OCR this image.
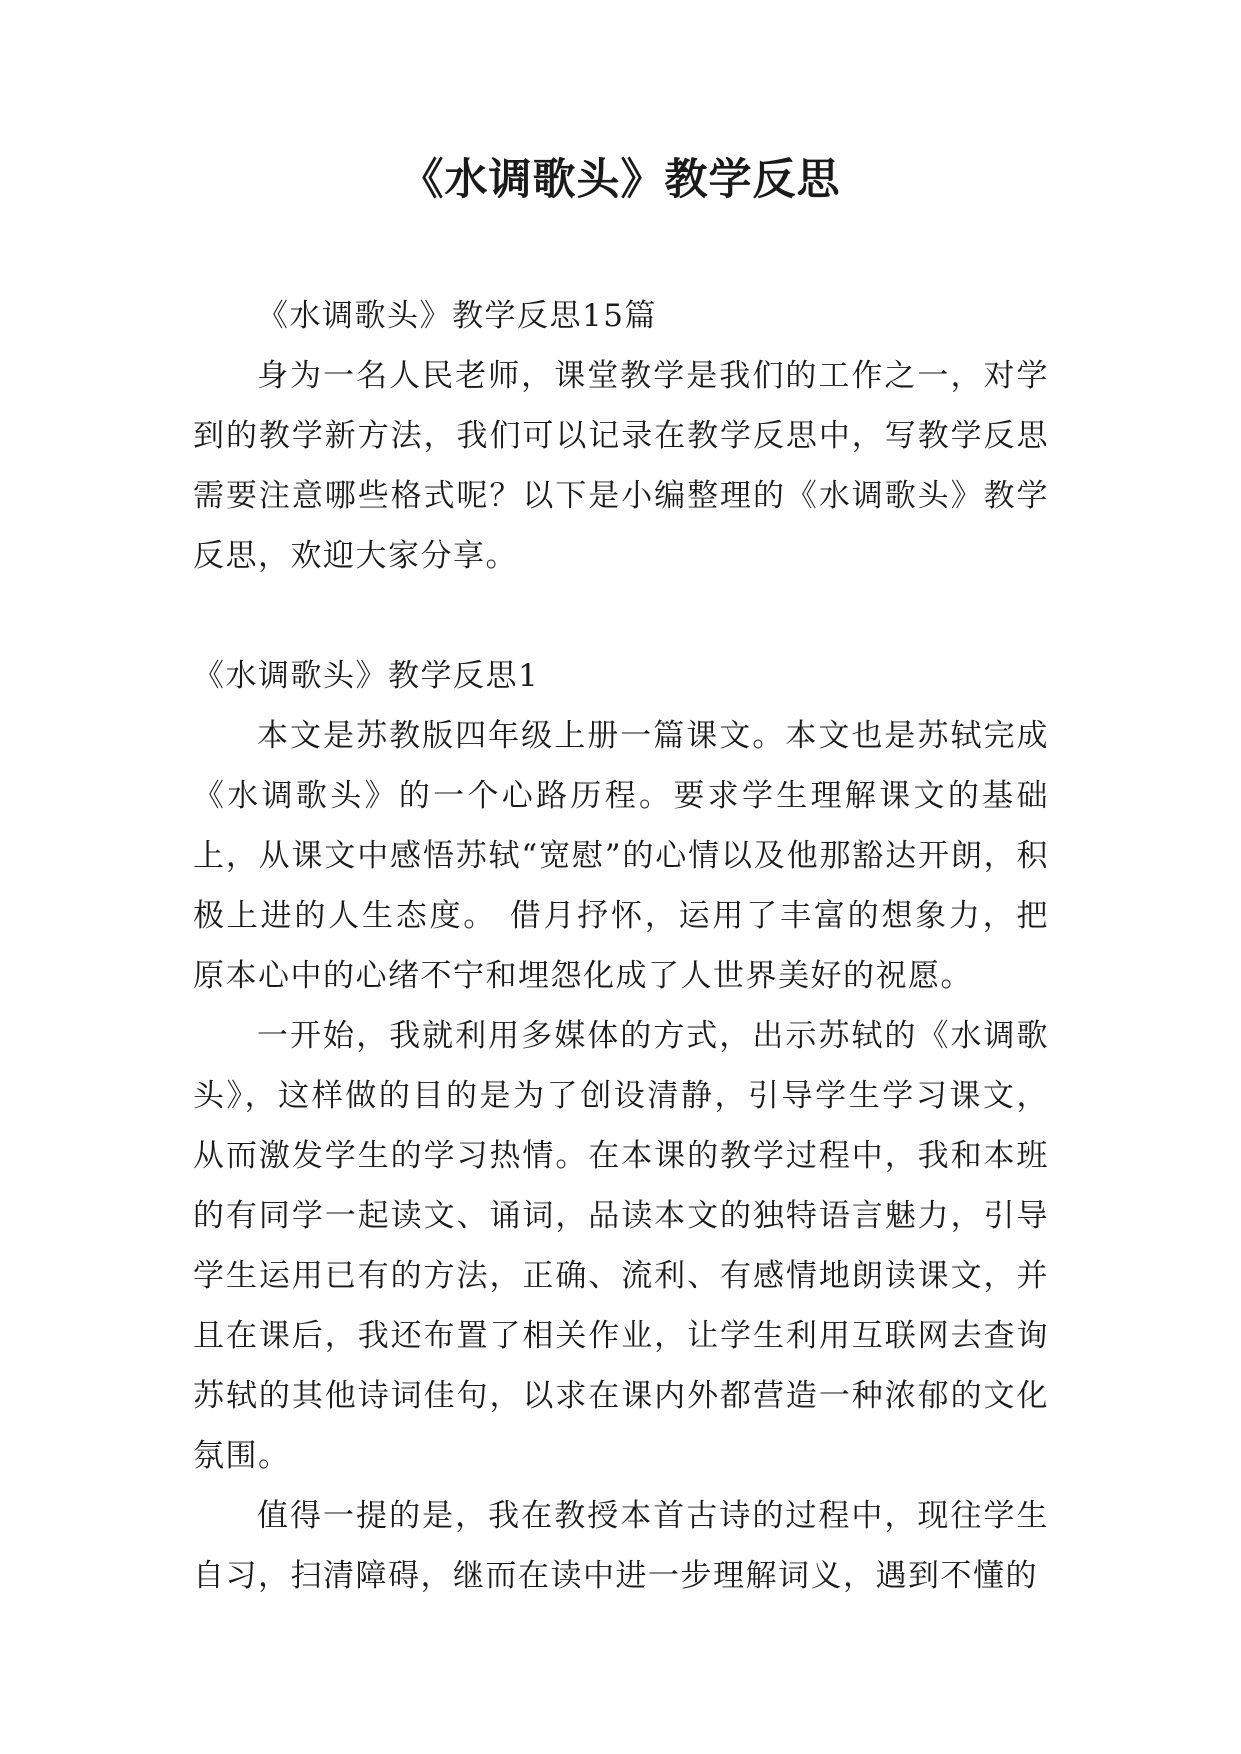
《水调歌头》教学反思

《水调歌头》教学反思15篇

身为一名人民老师，课堂教学是我们的工作之一，对学到的教学新方法，我们可以记录在教学反思中，写教学反思需要注意哪些格式呢？以下是小编整理的《水调歌头》教学反思，欢迎大家分享。

《水调歌头》教学反思1

本文是苏教版四年级上册一篇课文。本文也是苏轼完成《水调歌头》的一个心路历程。要求学生理解课文的基础上，从课文中感悟苏轼“宽慰”的心情以及他那豁达开朗，积极上进的人生态度。 借月抒怀，运用了丰富的想象力，把原本心中的心绪不宁和埋怨化成了人世界美好的祝愿。

一开始，我就利用多媒体的方式，出示苏轼的《水调歌头》，这样做的目的是为了创设清静，引导学生学习课文，从而激发学生的学习热情。在本课的教学过程中，我和本班的有同学一起读文、诵词，品读本文的独特语言魅力，引导学生运用已有的方法，正确、流利、有感情地朗读课文，并且在课后，我还布置了相关作业，让学生利用互联网去查询苏轼的其他诗词佳句，以求在课内外都营造一种浓郁的文化氛围。

值得一提的是，我在教授本首古诗的过程中，现往学生自习，扫清障碍，继而在读中进一步理解词义，遇到不懂的
